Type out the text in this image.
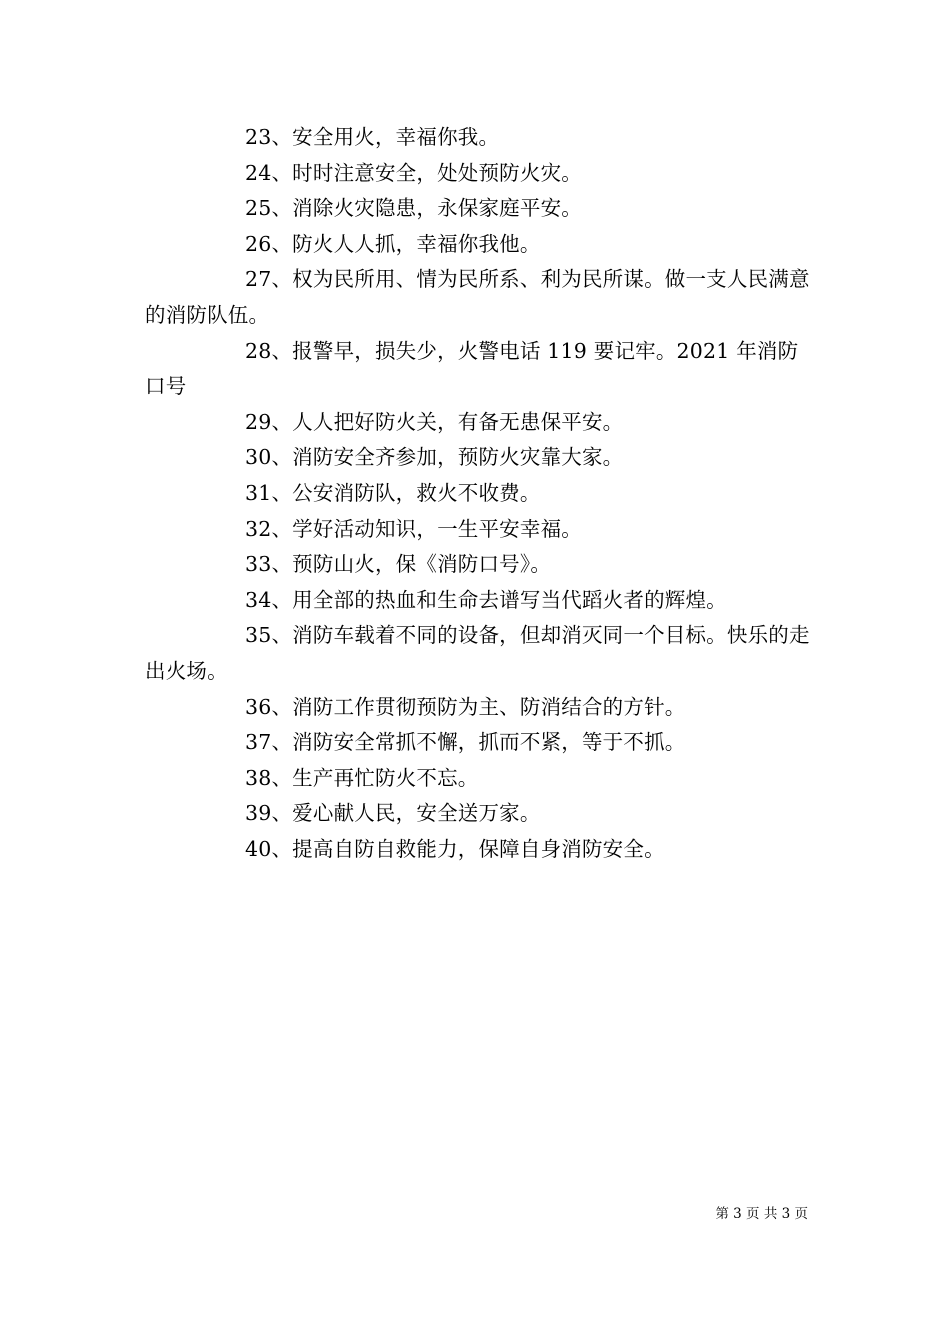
23、安全用火，幸福你我。

24、时时注意安全，处处预防火灾。

25、消除火灾隐患，永保家庭平安。

26、防火人人抓，幸福你我他。

27、权为民所用、情为民所系、利为民所谋。做一支人民满意的消防队伍。

28、报警早，损失少，火警电话 119 要记牢。2021 年消防口号

29、人人把好防火关，有备无患保平安。

30、消防安全齐参加，预防火灾靠大家。

31、公安消防队，救火不收费。

32、学好活动知识，一生平安幸福。

33、预防山火，保《消防口号》。

34、用全部的热血和生命去谱写当代蹈火者的辉煌。

35、消防车载着不同的设备，但却消灭同一个目标。快乐的走出火场。

36、消防工作贯彻预防为主、防消结合的方针。

37、消防安全常抓不懈，抓而不紧，等于不抓。

38、生产再忙防火不忘。

39、爱心献人民，安全送万家。

40、提高自防自救能力，保障自身消防安全。

第 3 页 共 3 页
